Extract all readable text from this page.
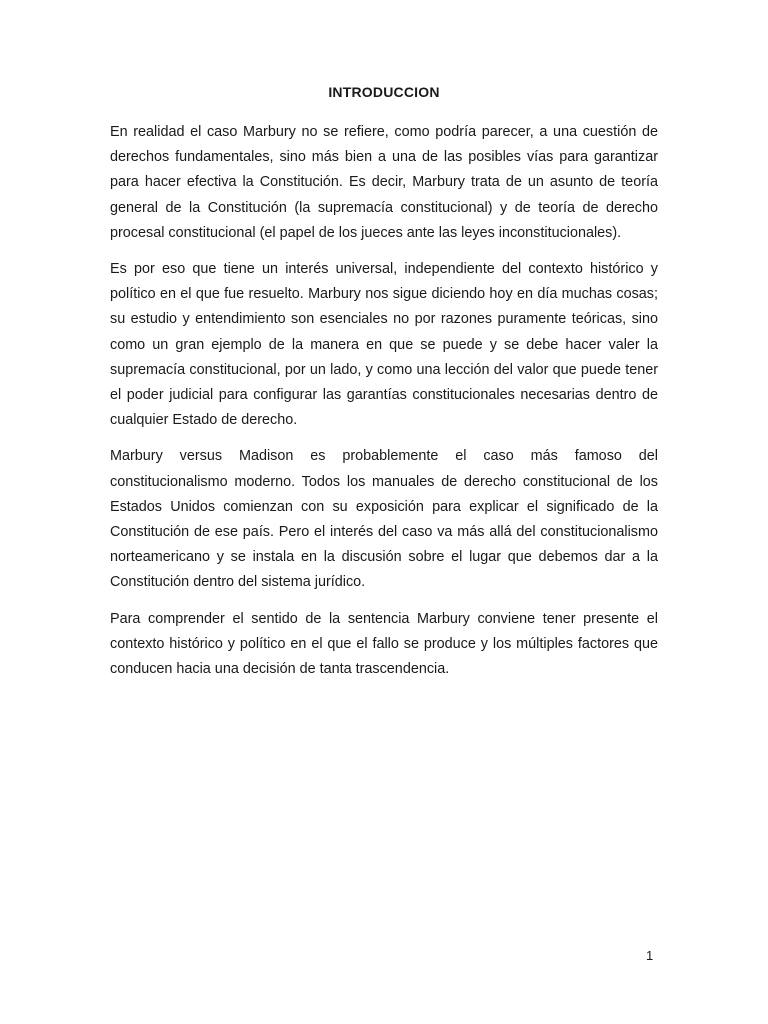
INTRODUCCION

En realidad el caso Marbury no se refiere, como podría parecer, a una cuestión de derechos fundamentales, sino más bien a una de las posibles vías para garantizar para hacer efectiva la Constitución. Es decir, Marbury trata de un asunto de teoría general de la Constitución (la supremacía constitucional) y de teoría de derecho procesal constitucional (el papel de los jueces ante las leyes inconstitucionales).

Es por eso que tiene un interés universal, independiente del contexto histórico y político en el que fue resuelto. Marbury nos sigue diciendo hoy en día muchas cosas; su estudio y entendimiento son esenciales no por razones puramente teóricas, sino como un gran ejemplo de la manera en que se puede y se debe hacer valer la supremacía constitucional, por un lado, y como una lección del valor que puede tener el poder judicial para configurar las garantías constitucionales necesarias dentro de cualquier Estado de derecho.

Marbury versus Madison es probablemente el caso más famoso del constitucionalismo moderno. Todos los manuales de derecho constitucional de los Estados Unidos comienzan con su exposición para explicar el significado de la Constitución de ese país. Pero el interés del caso va más allá del constitucionalismo norteamericano y se instala en la discusión sobre el lugar que debemos dar a la Constitución dentro del sistema jurídico.

Para comprender el sentido de la sentencia Marbury conviene tener presente el contexto histórico y político en el que el fallo se produce y los múltiples factores que conducen hacia una decisión de tanta trascendencia.

1
